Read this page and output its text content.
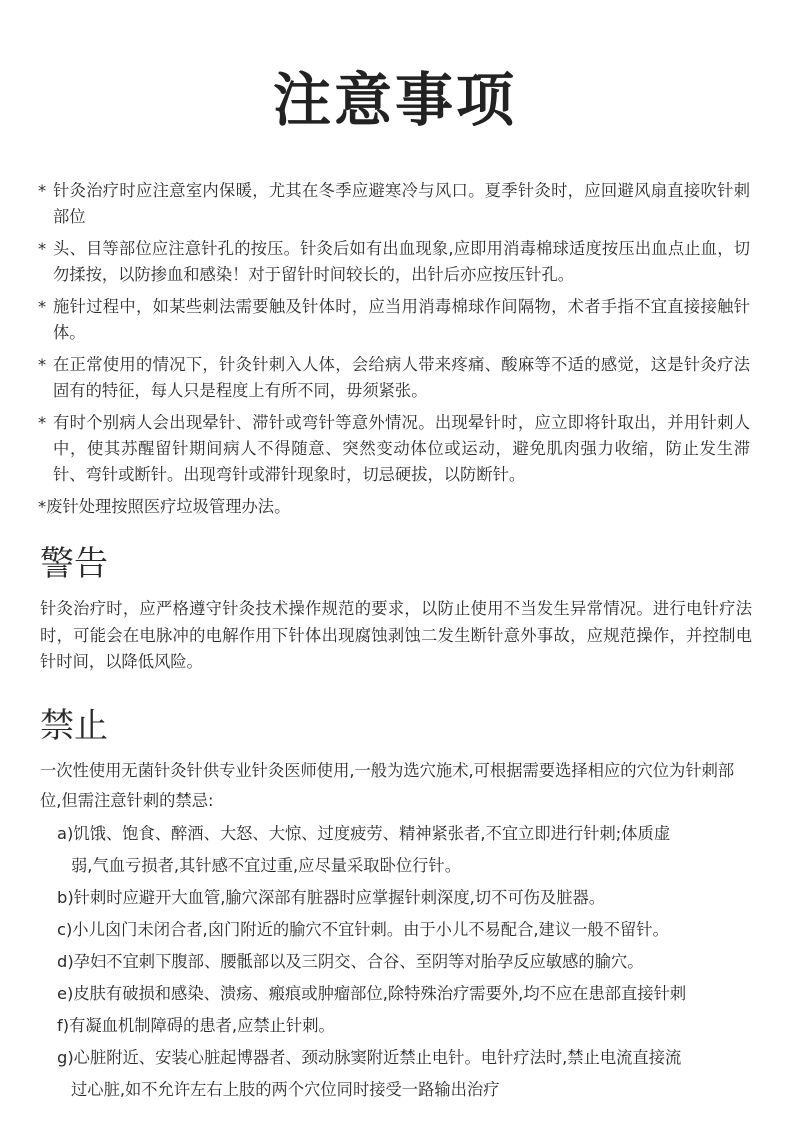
注意事项
* 针灸治疗时应注意室内保暖，尤其在冬季应避寒冷与风口。夏季针灸时，应回避风扇直接吹针刺部位
* 头、目等部位应注意针孔的按压。针灸后如有出血现象,应即用消毒棉球适度按压出血点止血，切勿揉按，以防掺血和感染！对于留针时间较长的，出针后亦应按压针孔。
* 施针过程中，如某些刺法需要触及针体时，应当用消毒棉球作间隔物，术者手指不宜直接接触针体。
* 在正常使用的情况下，针灸针刺入人体，会给病人带来疼痛、酸麻等不适的感觉，这是针灸疗法固有的特征，每人只是程度上有所不同，毋须紧张。
* 有时个别病人会出现晕针、滞针或弯针等意外情况。出现晕针时，应立即将针取出，并用针刺人中，使其苏醒留针期间病人不得随意、突然变动体位或运动，避免肌肉强力收缩，防止发生滞针、弯针或断针。出现弯针或滞针现象时，切忌硬拔，以防断针。
*废针处理按照医疗垃圾管理办法。
警告
针灸治疗时，应严格遵守针灸技术操作规范的要求，以防止使用不当发生异常情况。进行电针疗法时，可能会在电脉冲的电解作用下针体出现腐蚀剥蚀二发生断针意外事故，应规范操作，并控制电针时间，以降低风险。
禁止
一次性使用无菌针灸针供专业针灸医师使用,一般为选穴施术,可根据需要选择相应的穴位为针刺部位,但需注意针刺的禁忌:
a)饥饿、饱食、醉酒、大怒、大惊、过度疲劳、精神紧张者,不宜立即进行针刺;体质虚
弱,气血亏损者,其针感不宜过重,应尽量采取卧位行针。
b)针刺时应避开大血管,腧穴深部有脏器时应掌握针刺深度,切不可伤及脏器。
c)小儿囟门未闭合者,囟门附近的腧穴不宜针刺。由于小儿不易配合,建议一般不留针。
d)孕妇不宜刺下腹部、腰骶部以及三阴交、合谷、至阴等对胎孕反应敏感的腧穴。
e)皮肤有破损和感染、溃疡、瘢痕或肿瘤部位,除特殊治疗需要外,均不应在患部直接针刺
f)有凝血机制障碍的患者,应禁止针刺。
g)心脏附近、安装心脏起博器者、颈动脉窦附近禁止电针。电针疗法时,禁止电流直接流
过心脏,如不允许左右上肢的两个穴位同时接受一路输出治疗
